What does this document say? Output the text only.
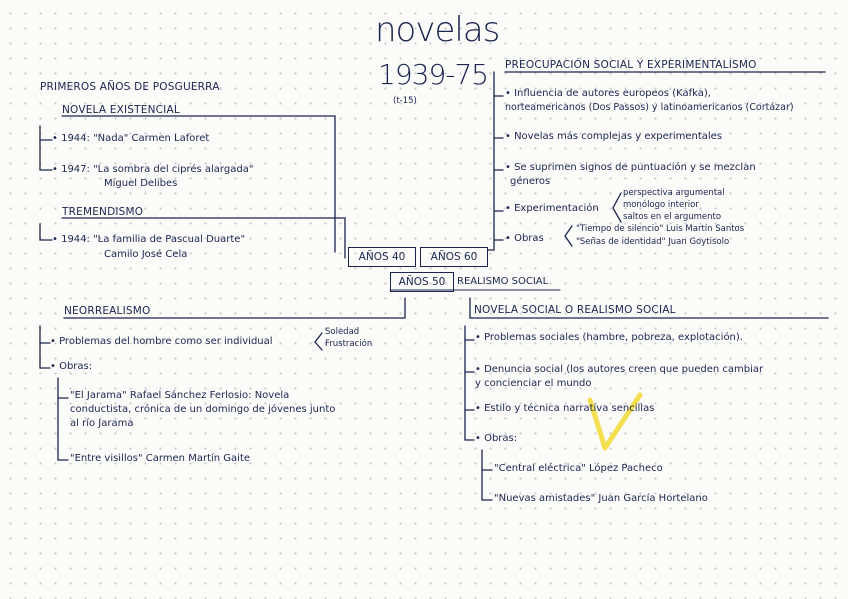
novelas
1939-75
(t-15)
PRIMEROS AÑOS DE POSGUERRA
NOVELA EXISTENCIAL
• 1944: "Nada" Carmen Laforet
• 1947: "La sombra del ciprés alargada"
Miguel Delibes
TREMENDISMO
• 1944: "La familia de Pascual Duarte"
Camilo José Cela	AÑOS 40	AÑOS 60
AÑOS 50	REALISMO SOCIAL
PREOCUPACIÓN SOCIAL Y EXPERIMENTALISMO
• Influencia de autores europeos (Kafka),
norteamericanos (Dos Passos) y latinoamericanos (Cortázar)
• Novelas más complejas y experimentales
• Se suprimen signos de puntuación y se mezclan
géneros
• Experimentación
perspectiva argumental
monólogo interior
saltos en el argumento
• Obras
"Tiempo de silencio" Luis Martín Santos
"Señas de identidad" Juan Goytisolo
NEORREALISMO
• Problemas del hombre como ser individual
Soledad
Frustración
• Obras:
"El Jarama" Rafael Sánchez Ferlosio: Novela
conductista, crónica de un domingo de jóvenes junto
al río Jarama
"Entre visillos" Carmen Martín Gaite
NOVELA SOCIAL O REALISMO SOCIAL
• Problemas sociales (hambre, pobreza, explotación).
• Denuncia social (los autores creen que pueden cambiar
y concienciar el mundo
• Estilo y técnica narrativa sencillas
• Obras:
"Central eléctrica" López Pacheco
"Nuevas amistades" Juan García Hortelano
